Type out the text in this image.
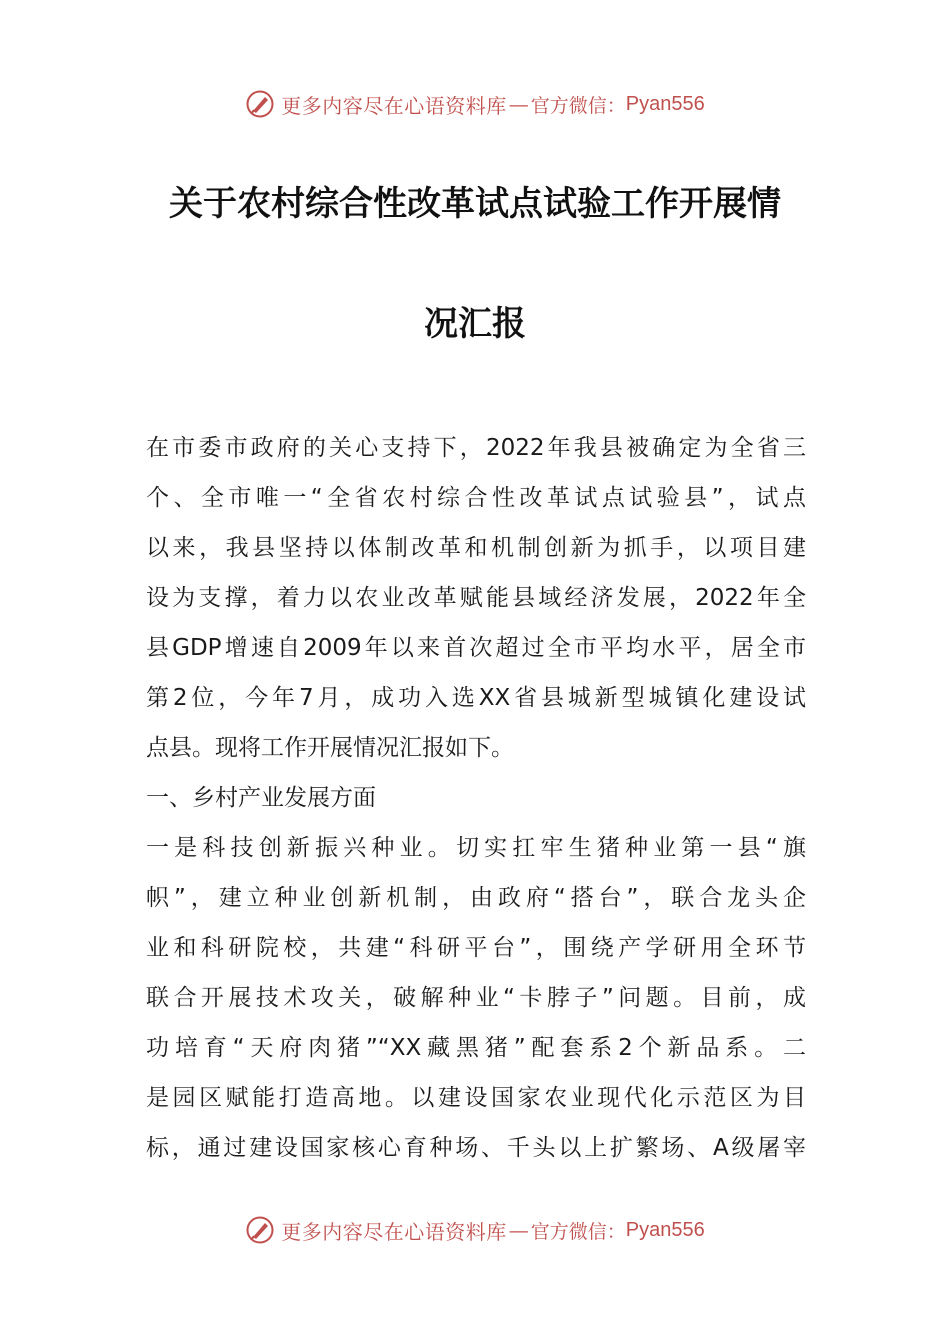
更多内容尽在心语资料库 — 官方微信： Pyan556
关于农村综合性改革试点试验工作开展情
况汇报
在市委市政府的关心支持下，2022年我县被确定为全省三
个、全市唯一“全省农村综合性改革试点试验县”，试点
以来，我县坚持以体制改革和机制创新为抓手，以项目建
设为支撑，着力以农业改革赋能县域经济发展，2022年全
县GDP增速自2009年以来首次超过全市平均水平，居全市
第2位，今年7月，成功入选XX省县城新型城镇化建设试
点县。现将工作开展情况汇报如下。
一、乡村产业发展方面
一是科技创新振兴种业。切实扛牢生猪种业第一县“旗
帜”，建立种业创新机制，由政府“搭台”，联合龙头企
业和科研院校，共建“科研平台”，围绕产学研用全环节
联合开展技术攻关，破解种业“卡脖子”问题。目前，成
功培育“天府肉猪”“XX藏黑猪”配套系2个新品系。二
是园区赋能打造高地。以建设国家农业现代化示范区为目
标，通过建设国家核心育种场、千头以上扩繁场、A级屠宰
更多内容尽在心语资料库 — 官方微信： Pyan556
